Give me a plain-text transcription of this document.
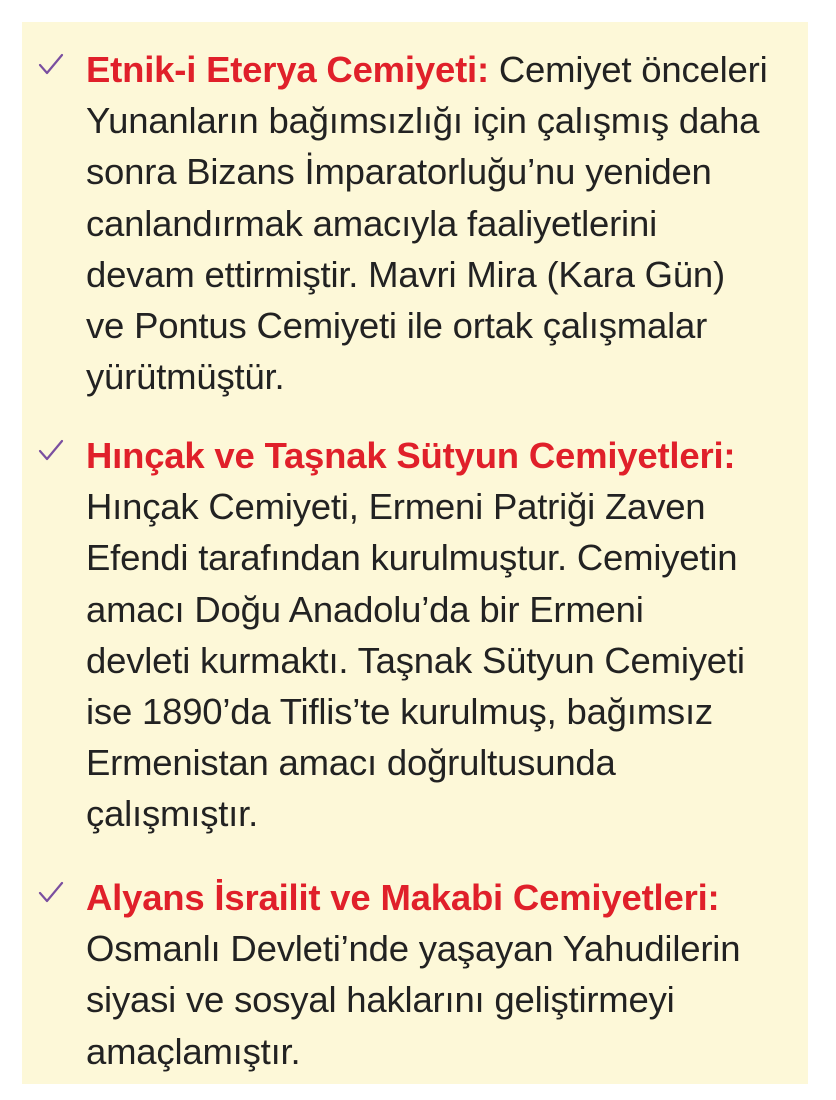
Etnik-i Eterya Cemiyeti: Cemiyet önceleri
Yunanların bağımsızlığı için çalışmış daha
sonra Bizans İmparatorluğu’nu yeniden
canlandırmak amacıyla faaliyetlerini
devam ettirmiştir. Mavri Mira (Kara Gün)
ve Pontus Cemiyeti ile ortak çalışmalar
yürütmüştür.

Hınçak ve Taşnak Sütyun Cemiyetleri:
Hınçak Cemiyeti, Ermeni Patriği Zaven
Efendi tarafından kurulmuştur. Cemiyetin
amacı Doğu Anadolu’da bir Ermeni
devleti kurmaktı. Taşnak Sütyun Cemiyeti
ise 1890’da Tiflis’te kurulmuş, bağımsız
Ermenistan amacı doğrultusunda
çalışmıştır.

Alyans İsrailit ve Makabi Cemiyetleri:
Osmanlı Devleti’nde yaşayan Yahudilerin
siyasi ve sosyal haklarını geliştirmeyi
amaçlamıştır.
